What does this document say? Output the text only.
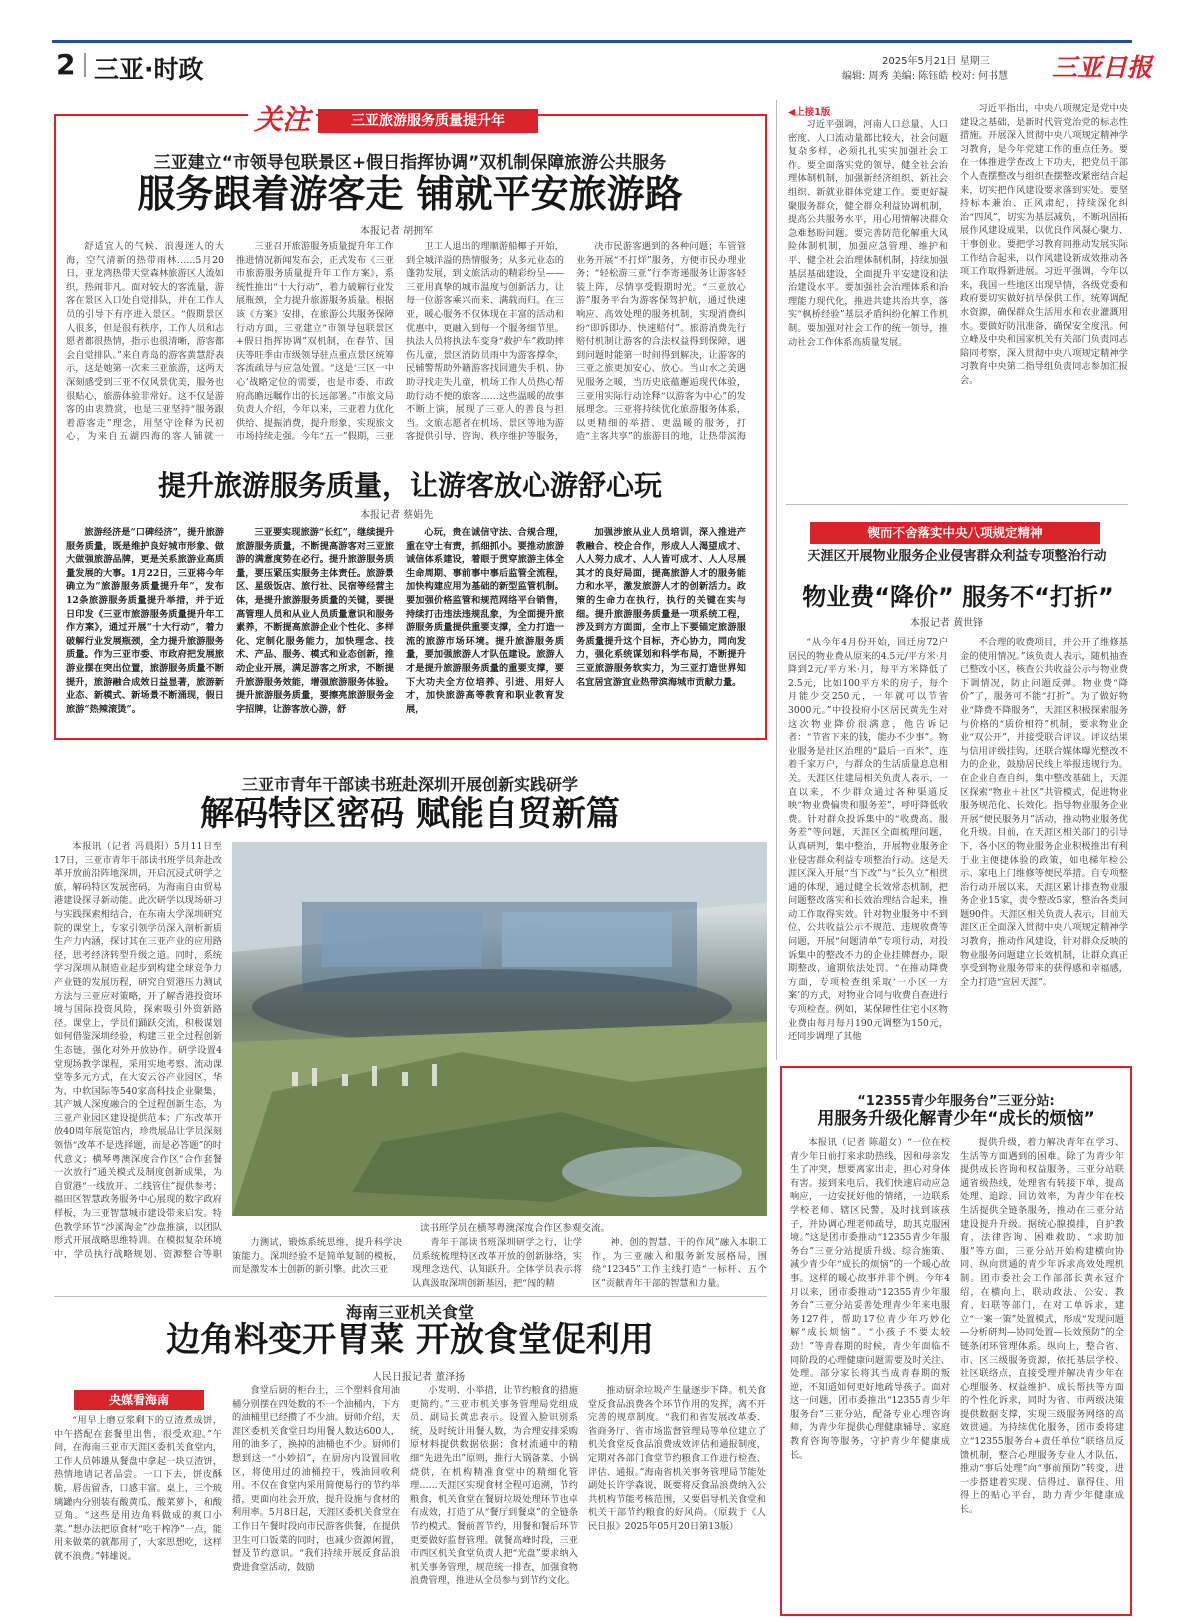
2 三亚·时政	2025年5月21日 星期三
编辑: 周秀 美编: 陈钰皓 校对: 何书慧 三亚日报
关注	三亚旅游服务质量提升年
三亚建立“市领导包联景区+假日指挥协调”双机制保障旅游公共服务
服务跟着游客走 铺就平安旅游路
本报记者 胡拥军

舒适宜人的气候、浪漫迷人的大海，空气清新的热带雨林……5月20日，亚龙湾热带天堂森林旅游区人流如织，热闹非凡。面对较大的客流量，游客在景区入口处自觉排队，并在工作人员的引导下有序进入景区。“假期景区人很多，但是很有秩序，工作人员和志愿者都很热情，指示也很清晰，游客都会自觉排队。”来自青岛的游客黄慧舒表示，这是她第一次来三亚旅游，这两天深刻感受到三亚不仅风景优美，服务也很贴心，旅游体验非常好。这不仅是游客的由衷赞赏，也是三亚坚持“服务跟着游客走”理念，用坚守诠释为民初心，为来自五湖四海的客人铺就一

三亚召开旅游服务质量提升年工作推进情况新闻发布会，正式发布《三亚市旅游服务质量提升年工作方案》，系统性推出“十大行动”，着力破解行业发展瓶颈，全力提升旅游服务质量。根据该《方案》安排，在旅游公共服务保障行动方面，三亚建立“市领导包联景区+假日指挥协调”双机制，在春节、国庆等旺季由市级领导驻点重点景区统筹客流疏导与应急处置。“这是‘三区一中心’战略定位的需要，也是市委、市政府高瞻远瞩作出的长远部署。”市旅文局负责人介绍，今年以来，三亚着力优化供给、提振消费，提升形象，实现旅文市场持续走强。今年“五一”假期，三亚

卫工人退出的理顺游船椰子开始，到全城洋溢的热情服务；从多元业态的蓬勃发展，到文旅活动的精彩纷呈——三亚用真挚的城市温度与创新活力，让每一位游客乘兴而来、满载而归。在三亚，暖心服务不仅体现在丰富的活动和优惠中，更融入到每一个服务细节里。执法人员将执法车变身“救护车”救助摔伤儿童，景区消防员雨中为游客撑伞，民辅警帮助外籍游客找回遗失手机、协助寻找走失儿童，机场工作人员热心帮助行动不便的旅客……这些温暖的故事不断上演，展现了三亚人的善良与担当。文旅志愿者在机场、景区等地为游客提供引导、咨询、秩序维护等服务，

决市民游客遇到的各种问题；车管管业务开展“不打烊”服务，方便市民办理业务；“轻松游三亚”行李寄递服务让游客轻装上阵，尽情享受假期时光。“三亚放心游”服务平台为游客保驾护航，通过快速响应、高效处理的服务机制，实现消费纠纷“即诉即办、快速赔付”。旅游消费先行赔付机制让游客的合法权益得到保障，遇到问题时能第一时间得到解决，让游客的三亚之旅更加安心、放心。当山水之美遇见服务之暖，当历史底蕴邂逅现代体验，三亚用实际行动诠释“以游客为中心”的发展理念。三亚将持续优化旅游服务体系，以更精细的举措、更温暖的服务，打造“主客共享”的旅游目的地，让热带滨海

提升旅游服务质量，让游客放心游舒心玩
本报记者 蔡娟先

旅游经济是“口碑经济”，提升旅游服务质量，既是维护良好城市形象、做大做强旅游品牌，更是关系旅游业高质量发展的大事。1月22日，三亚将今年确立为“旅游服务质量提升年”，发布12条旅游服务质量提升举措，并于近日印发《三亚市旅游服务质量提升年工作方案》，通过开展“十大行动”，着力破解行业发展瓶颈，全力提升旅游服务质量。作为三亚市委、市政府把发展旅游业摆在突出位置，旅游服务质量不断提升，旅游融合成效日益显著，旅游新业态、新模式、新场景不断涌现，假日旅游“热辣滚烫”。

三亚要实现旅游“长红”，继续提升旅游服务质量，不断提高游客对三亚旅游的满意度势在必行。提升旅游服务质量，要压紧压实服务主体责任。旅游景区、星级饭店、旅行社、民宿等经营主体，是提升旅游服务质量的关键，要提高管理人员和从业人员质量意识和服务素养，不断提高旅游企业个性化、多样化、定制化服务能力，加快理念、技术、产品、服务、模式和业态创新，推动企业开展，满足游客之所求，不断提升旅游服务效能，增强旅游服务体验。提升旅游服务质量，要擦亮旅游服务金字招牌，让游客放心游，舒

心玩，贵在诚信守法、合规合理，重在守土有责，抓细抓小。要推动旅游诚信体系建设，着眼于贯穿旅游主体全生命周期、事前事中事后监管全流程，加快构建应用为基础的新型监管机制。要加强价格监管和规范网络平台销售，持续打击违法违规乱象，为全面提升旅游服务质量提供重要支撑，全力打造一流的旅游市场环境。提升旅游服务质量，要加强旅游人才队伍建设。旅游人才是提升旅游服务质量的重要支撑，要下大功夫全方位培养、引进、用好人才，加快旅游高等教育和职业教育发展，

加强涉旅从业人员培训，深入推进产教融合、校企合作，形成人人渴望成才、人人努力成才、人人皆可成才、人人尽展其才的良好局面，提高旅游人才的服务能力和水平，激发旅游人才的创新活力。政策的生命力在执行，执行的关键在实与细。提升旅游服务质量是一项系统工程，涉及到方方面面，全市上下要锚定旅游服务质量提升这个目标，齐心协力，同向发力，强化系统谋划和科学布局，不断提升三亚旅游服务软实力，为三亚打造世界知名宜居宜游宜业热带滨海城市贡献力量。

三亚市青年干部读书班赴深圳开展创新实践研学
解码特区密码 赋能自贸新篇

本报讯（记者 冯晨阳）5月11日至17日，三亚市青年干部读书班学员奔赴改革开放前沿阵地深圳，开启沉浸式研学之旅，解码特区发展密码，为海南自由贸易港建设探寻新动能。此次研学以现场研习与实践探索相结合，在东南大学深圳研究院的课堂上，专家引领学员深入剖析新质生产力内涵，探讨其在三亚产业的应用路径，思考经济转型升级之道。同时，系统学习深圳从制造业起步到构建全球竞争力产业链的发展历程，研究自贸港压力测试方法与三亚应对策略，开了解香港投资环境与国际投资风险，探索吸引外资新路径。课堂上，学员们踊跃交流，积极谋划如何借鉴深圳经验，构建三亚全过程创新生态链，强化对外开放协作。研学设置4堂现场教学课程，采用实地考察、流动课堂等多元方式，在大安云谷产业园区，华为、中软国际等540家高科技企业聚集，其产城人深度融合的全过程创新生态，为三亚产业园区建设提供范本；广东改革开放40周年展览馆内，珍贵展品让学员深刻领悟“改革不是选择题，而是必答题”的时代意义；横琴粤澳深度合作区“合作套餐一次放行”通关模式及制度创新成果，为自贸港“一线放开、二线管住”提供参考；福田区智慧政务服务中心展现的数字政府样板，为三亚智慧城市建设带来启发。特色教学环节“沙溪淘金”沙盘推演，以团队形式开展战略思维特训。在模拟复杂环境中，学员执行战略规划、资源整合等职

读书班学员在横琴粤澳深度合作区参观交流。

力测试，锻炼系统思维，提升科学决策能力。深圳经验不是简单复制的模板，而是激发本土创新的新引擎。此次三亚

青年干部读书班深圳研学之行，让学员系统梳理特区改革开放的创新脉络，实现理念迭代、认知跃升。全体学员表示将认真汲取深圳创新基因，把“闯的精

神、创的智慧、干的作风”融入本职工作，为三亚融入和服务新发展格局，围绕“12345”工作主线打造“一标杆、五个区”贡献青年干部的智慧和力量。

海南三亚机关食堂
边角料变开胃菜 开放食堂促利用
人民日报记者 董泽扬
央媒看海南

“用早上磨豆浆剩下的豆渣煮成饼，中午搭配在套餐里出售，很受欢迎。”午间，在海南三亚市天涯区委机关食堂内，工作人员韩雄从餐盘中拿起一块豆渣饼，热情地请记者品尝。一口下去，饼皮酥脆，唇齿留香，口感丰富。桌上，三个玻璃罐内分别装有酸黄瓜、酸菜萝卜，和酸豆角。“这些是用边角料做成的爽口小菜。”想办法把原食材“吃干榨净”一点，能用来做菜的就都用了，大家思想吃，这样就不浪费。”韩雄说。

食堂后厨的柜台上，三个塑料食用油桶分别摆在四处数的不一个油桶内，下方的油桶里已经攒了不少油。厨师介绍，天涯区委机关食堂日均用餐人数达600人，用的油多了，换掉的油桶也不少。厨师们想到这一“小妙招”，在厨房内设置回收区，将使用过的油桶控干，残油回收利用。不仅在食堂内采用简便易行的节约举措，更面向社会开放，提升设施与食材的利用率。5月8日起，天涯区委机关食堂在工作日午餐时段向市民游客供餐，在提供卫生可口饭菜的同时，也减少资源闲置，督及节约意识。“我们持续开展反食品浪费进食堂活动，鼓励

小发明、小举措，让节约粮食的措施更简约。”三亚市机关事务管理局党组成员、副局长黄忠表示。设置入脸识别系统，及时统计用餐人数，为合理安排采购原材料提供数据依据；食材流通中的精细“先进先出”原则，推行大锅备菜、小锅烧供，在机构精准食堂中的精细化管理……天涯区实现食材全程可追溯，节约粮食，机关食堂在餐厨垃圾处理环节也卓有成效，打造了从“餐厅到餐桌”的全链条节约模式。餐前普节约，用餐和餐后环节更要做好监督管理。就餐高峰时段，三亚市西区机关食堂负责人把“光盘”要求纳入机关事务管理，规范统一排查，加强食物浪费管理，推进从全员参与到节约文化。

推动厨余垃圾产生量逐步下降。机关食堂反食品浪费各个环节作用的发挥，离不开完善的规章制度。“我们和省发展改革委、省商务厅、省市场监督管理局等单位建立了机关食堂反食品浪费成效评估和通报制度，定期对各部门食堂节约粮食工作进行检查、评估、通报。”海南省机关事务管理局节能处副处长许学森说，既要将反食品浪费纳入公共机构节能考核范围，又要倡导机关食堂和机关干部节约粮食的好风尚。（原载于《人民日报》2025年05月20日第13版）

◀上接1版

习近平强调，河南人口总量、人口密度、人口流动量都比较大，社会问题复杂多样，必须扎扎实实加强社会工作。要全面落实党的领导，健全社会治理体制机制，加强新经济组织、新社会组织、新就业群体党建工作。要更好凝聚服务群众，健全群众利益协调机制，提高公共服务水平，用心用情解决群众急难愁盼问题。要完善防范化解重大风险体制机制，加强应急管理、维护和平、健全社会治理体制机制，持续加强基层基础建设，全面提升平安建设和法治建设水平。要加强社会治理体系和治理能力现代化，推进共建共治共享，落实“枫桥经验”基层矛盾纠纷化解工作机制。要加强对社会工作的统一领导，推动社会工作体系高质量发展。

习近平指出，中央八项规定是党中央建设之基础，是新时代管党治党的标志性措施。开展深入贯彻中央八项规定精神学习教育，是今年党建工作的重点任务。要在一体推进学查改上下功夫，把党员干部个人查摆整改与组织查摆整改紧密结合起来，切实把作风建设要求落到实处。要坚持标本兼治、正风肃纪，持续深化纠治“四风”，切实为基层减负，不断巩固拓展作风建设成果，以优良作风凝心聚力、干事创业。要把学习教育同推动发展实际工作结合起来，以作风建设新成效推动各项工作取得新进展。习近平强调，今年以来，我国一些地区出现旱情，各级党委和政府要切实做好抗旱保供工作，统筹调配水资源，确保群众生活用水和农业灌溉用水。要做好防汛准备，确保安全度汛。何立峰及中央和国家机关有关部门负责同志陪同考察，深入贯彻中央八项规定精神学习教育中央第二指导组负责同志参加汇报会。

锲而不舍落实中央八项规定精神
天涯区开展物业服务企业侵害群众利益专项整治行动
物业费“降价” 服务不“打折”
本报记者 黄世锋

“从今年4月份开始，回迁房72户居民的物业费从原来的4.5元/平方米·月降到2元/平方米·月，每平方米降低了2.5元，比如100平方米的房子，每个月能少交250元，一年就可以节省3000元。”中投投府小区居民黄先生对这次物业降价很满意，他告诉记者：“节省下来的钱，能办不少事”。物业服务是社区治理的“最后一百米”，连着千家万户，与群众的生活质量息息相关。天涯区住建局相关负责人表示，一直以来，不少群众通过各种渠道反映“物业费偏贵和服务差”，呼吁降低收费。针对群众投诉集中的“收费高、服务差”等问题，天涯区全面梳理问题，认真研判，集中整治，开展物业服务企业侵害群众利益专项整治行动。这是天涯区深入开展“当下改”与“长久立”相贯通的体现，通过健全长效常态机制，把问题整改落实和长效治理结合起来，推动工作取得实效。针对物业服务中不到位、公共收益公示不规范、违规收费等问题，开展“问题清单”专项行动，对投诉集中的整改不力的企业挂牌督办，限期整改，逾期依法处罚。“在推动降费方面，专项检查组采取‘一小区一方案’的方式，对物业合同与收费自查进行专项检查。例如，某保障性住宅小区物业费由每月每月190元调整为150元，还同步调理了其他

不合理的收费项目，并公开了维修基金的使用情况。”该负责人表示，随机抽查已整改小区，核查公共收益公示与物业费下调情况，防止问题反弹。物业费“降价”了，服务可不能“打折”。为了做好物业“降费不降服务”，天涯区积极探索服务与价格的“质价相符”机制，要求物业企业“双公开”，并接受联合评议。评议结果与信用评级挂钩，还联合媒体曝光整改不力的企业，鼓励居民线上举报违规行为。在企业自查自纠，集中整改基础上，天涯区探索“物业＋社区”共管模式，促进物业服务规范化、长效化。指导物业服务企业开展“便民服务月”活动，推动物业服务优化升级。目前，在天涯区相关部门的引导下，各小区的物业服务企业积极推出有利于业主便捷体验的政策，如电梯年检公示、家电上门维修等便民举措。自专项整治行动开展以来，天涯区累计排查物业服务企业15家，责令整改5家，整治各类问题90件。天涯区相关负责人表示，目前天涯区正全面深入贯彻中央八项规定精神学习教育，推动作风建设，针对群众反映的物业服务问题建立长效机制，让群众真正享受到物业服务带来的获得感和幸福感，全力打造“宜居天涯”。

“12355青少年服务台”三亚分站:
用服务升级化解青少年“成长的烦恼”

本报讯（记者 陈超女）“一位在校青少年日前打来求助热线，因和母亲发生了冲突，想要离家出走，担心对身体有害。接到来电后，我们快速启动应急响应，一边安抚好他的情绪，一边联系学校老师、辖区民警，及时找到该孩子，并协调心理老师疏导，助其克服困境。”这是团市委推动“12355青少年服务台”三亚分站提质升级、综合施策、减少青少年“成长的烦恼”的一个暖心故事。这样的暖心故事并非个例。今年4月以来，团市委推动“12355青少年服务台”三亚分站妥善处理青少年来电服务127件，帮助17位青少年巧妙化解“成长烦恼”。“小孩子不要太较劲！”等青春期的时候，青少年面临不同阶段的心理健康问题需要及时关注、处理。部分家长将其当成青春期的叛逆，不知道如何更好地疏导孩子。面对这一问题，团市委推出“12355青少年服务台”三亚分站，配备专业心理咨询师，为青少年提供心理健康辅导、家庭教育咨询等服务，守护青少年健康成长。

提供升级，着力解决青年在学习、生活等方面遇到的困难。除了为青少年提供成长咨询和权益服务，三亚分站联通省级热线，处理省有转接下单，提高处理、追踪、回访效率，为青少年在校生活提供全链条服务，推动在三亚分站建设提升升级。据统心腺摸排，自护教育，法律咨询、困难救助、“求助加服”等方面，三亚分站开始构建横向协同、纵向贯通的青少年诉求高效处理机制。团市委社会工作部部长黄永冠介绍，在横向上，联动政法、公安、教育、妇联等部门，在对工单诉求，建立“一案一策”处置模式，形成“发现问题—分析研判—协同处置—长效预防”的全链条闭环管理体系。纵向上，整合省、市、区三级服务资源，依托基层学校、社区联络点，直接受理并解决青少年在心理服务、权益维护、成长帮扶等方面的个性化诉求，同时为省、市两级决策提供数据支撑，实现三级服务网络的高效贯通。为持续优化服务，团市委将建立“12355服务台+责任单位”联络员反馈机制，整合心理服务专业人才队伍，推动“事后处理”向“事前预防”转变，进一步搭建着实现、信得过、靠得住、用得上的贴心平台，助力青少年健康成长。
